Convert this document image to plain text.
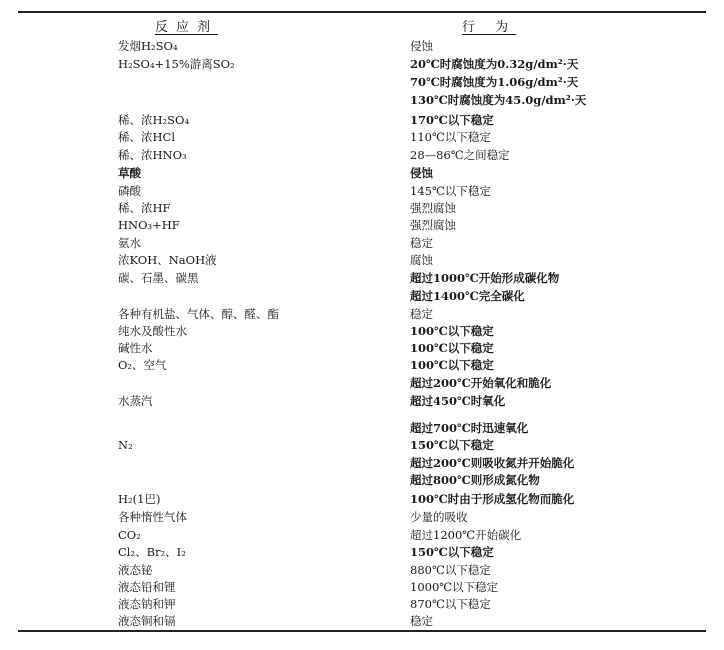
反应剂	行 为
发烟H₂SO₄	侵蚀
H₂SO₄+15%游离SO₂	20℃时腐蚀度为0.32g/dm²·天
70℃时腐蚀度为1.06g/dm²·天
130℃时腐蚀度为45.0g/dm²·天
稀、浓H₂SO₄	170℃以下稳定
稀、浓HCl	110℃以下稳定
稀、浓HNO₃	28—86℃之间稳定
草酸	侵蚀
磷酸	145℃以下稳定
稀、浓HF	强烈腐蚀
HNO₃+HF	强烈腐蚀
氨水	稳定
浓KOH、NaOH液	腐蚀
碳、石墨、碳黑	超过1000℃开始形成碳化物
超过1400℃完全碳化
各种有机盐、气体、醇、醛、酯	稳定
纯水及酸性水	100℃以下稳定
碱性水	100℃以下稳定
O₂、空气	100℃以下稳定
超过200℃开始氧化和脆化
水蒸汽	超过450℃时氧化
超过700℃时迅速氧化
N₂	150℃以下稳定
超过200℃则吸收氮并开始脆化
超过800℃则形成氮化物
H₂(1巴)	100℃时由于形成氢化物而脆化
各种惰性气体	少量的吸收
CO₂	超过1200℃开始碳化
Cl₂、Br₂、I₂	150℃以下稳定
液态铋	880℃以下稳定
液态铅和锂	1000℃以下稳定
液态钠和钾	870℃以下稳定
液态铜和镉	稳定
